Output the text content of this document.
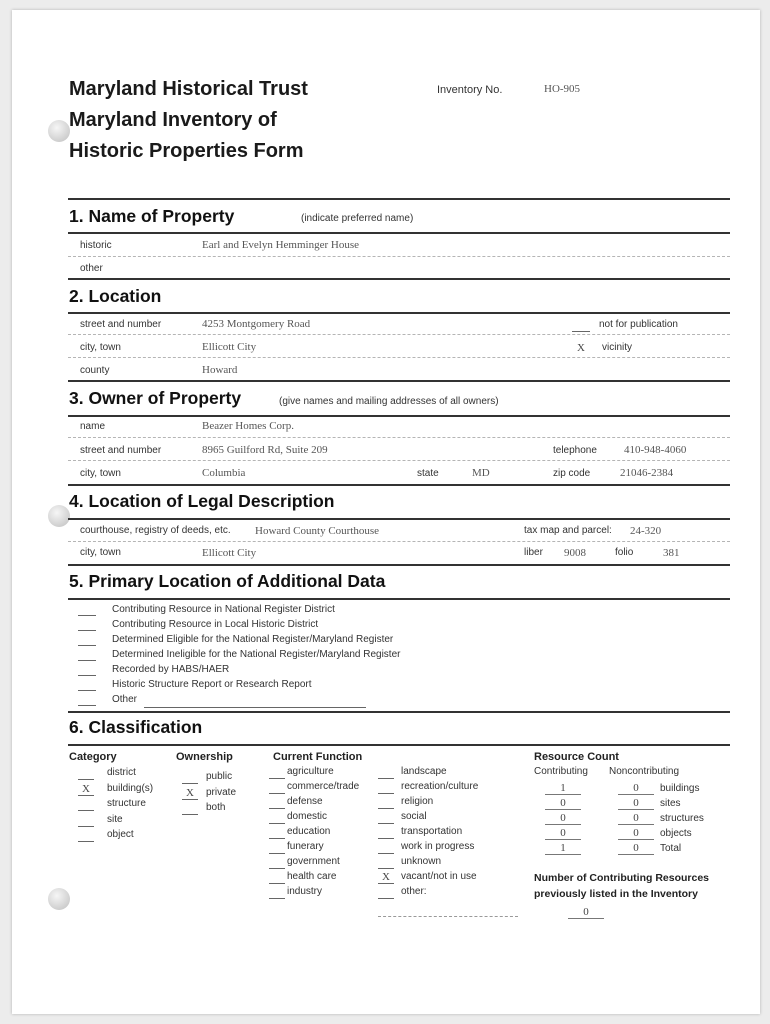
Maryland Historical Trust
Maryland Inventory of
Historic Properties Form
Inventory No.	HO-905
1. Name of Property	(indicate preferred name)
historic	Earl and Evelyn Hemminger House
other
2. Location
street and number	4253 Montgomery Road	not for publication
city, town	Ellicott City	X	vicinity
county	Howard
3. Owner of Property	(give names and mailing addresses of all owners)
name	Beazer Homes Corp.
street and number	8965 Guilford Rd, Suite 209	telephone 410-948-4060
city, town	Columbia	state	MD	zip code	21046-2384
4. Location of Legal Description
courthouse, registry of deeds, etc. Howard County Courthouse	tax map and parcel: 24-320
city, town	Ellicott City	liber 9008	folio	381
5. Primary Location of Additional Data
Contributing Resource in National Register District
Contributing Resource in Local Historic District
Determined Eligible for the National Register/Maryland Register
Determined Ineligible for the National Register/Maryland Register
Recorded by HABS/HAER
Historic Structure Report or Research Report
Other
6. Classification
Category
district
X	building(s)
structure
site
object
Ownership
public
X	private
both
Current Function
agriculture
commerce/trade
defense
domestic
education
funerary
government
health care
industry
landscape
recreation/culture
religion
social
transportation
work in progress
unknown
X	vacant/not in use
other:
Resource Count
Contributing Noncontributing
1	0	buildings
0	0	sites
0	0	structures
0	0	objects
1	0	Total
Number of Contributing Resources
previously listed in the Inventory
0
